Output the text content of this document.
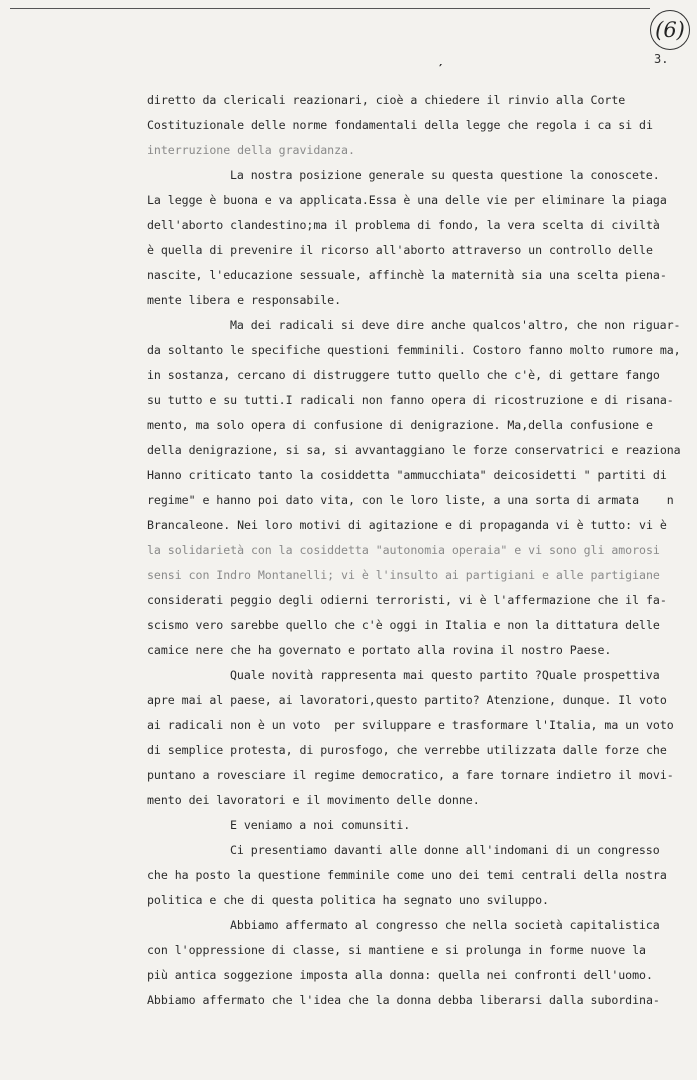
(6)
3.
′
diretto da clericali reazionari, cioè a chiedere il rinvio alla Corte
Costituzionale delle norme fondamentali della legge che regola i ca si di
interruzione della gravidanza.
La nostra posizione generale su questa questione la conoscete.
La legge è buona e va applicata.Essa è una delle vie per eliminare la piaga
dell'aborto clandestino;ma il problema di fondo, la vera scelta di civiltà
è quella di prevenire il ricorso all'aborto attraverso un controllo delle
nascite, l'educazione sessuale, affinchè la maternità sia una scelta piena-
mente libera e responsabile.
Ma dei radicali si deve dire anche qualcos'altro, che non riguar-
da soltanto le specifiche questioni femminili. Costoro fanno molto rumore ma,
in sostanza, cercano di distruggere tutto quello che c'è, di gettare fango
su tutto e su tutti.I radicali non fanno opera di ricostruzione e di risana-
mento, ma solo opera di confusione di denigrazione. Ma,della confusione e
della denigrazione, si sa, si avvantaggiano le forze conservatrici e reaziona
Hanno criticato tanto la cosiddetta "ammucchiata" deicosidetti " partiti di
regime" e hanno poi dato vita, con le loro liste, a una sorta di armata    n
Brancaleone. Nei loro motivi di agitazione e di propaganda vi è tutto: vi è
la solidarietà con la cosiddetta "autonomia operaia" e vi sono gli amorosi
sensi con Indro Montanelli; vi è l'insulto ai partigiani e alle partigiane
considerati peggio degli odierni terroristi, vi è l'affermazione che il fa-
scismo vero sarebbe quello che c'è oggi in Italia e non la dittatura delle
camice nere che ha governato e portato alla rovina il nostro Paese.
Quale novità rappresenta mai questo partito ?Quale prospettiva
apre mai al paese, ai lavoratori,questo partito? Atenzione, dunque. Il voto
ai radicali non è un voto  per sviluppare e trasformare l'Italia, ma un voto
di semplice protesta, di purosfogo, che verrebbe utilizzata dalle forze che
puntano a rovesciare il regime democratico, a fare tornare indietro il movi-
mento dei lavoratori e il movimento delle donne.
E veniamo a noi comunsiti.
Ci presentiamo davanti alle donne all'indomani di un congresso
che ha posto la questione femminile come uno dei temi centrali della nostra
politica e che di questa politica ha segnato uno sviluppo.
Abbiamo affermato al congresso che nella società capitalistica
con l'oppressione di classe, si mantiene e si prolunga in forme nuove la
più antica soggezione imposta alla donna: quella nei confronti dell'uomo.
Abbiamo affermato che l'idea che la donna debba liberarsi dalla subordina-
